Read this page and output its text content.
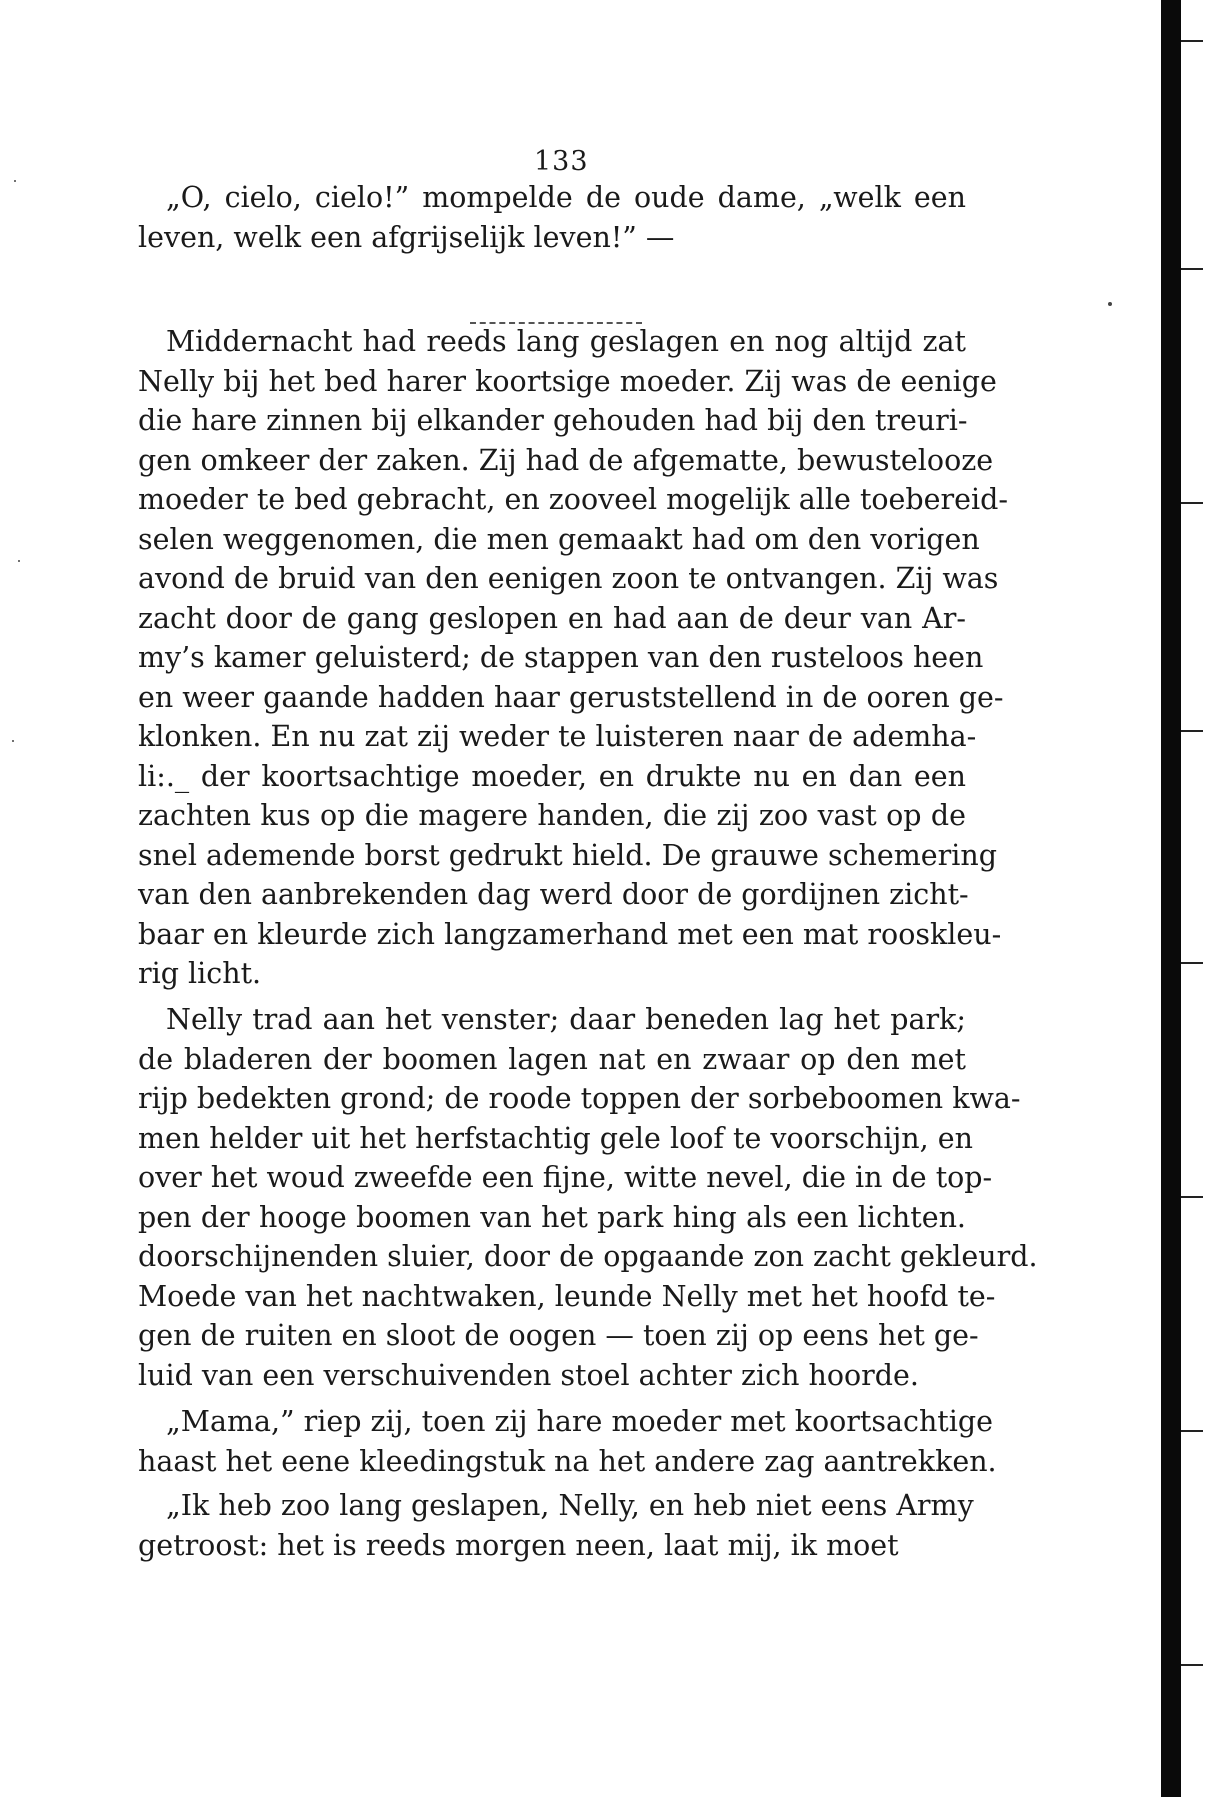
133
„O, cielo, cielo!” mompelde de oude dame, „welk een
leven, welk een afgrijselijk leven!” —
Middernacht had reeds lang geslagen en nog altijd zat
Nelly bij het bed harer koortsige moeder. Zij was de eenige
die hare zinnen bij elkander gehouden had bij den treuri-
gen omkeer der zaken. Zij had de afgematte, bewustelooze
moeder te bed gebracht, en zooveel mogelijk alle toebereid-
selen weggenomen, die men gemaakt had om den vorigen
avond de bruid van den eenigen zoon te ontvangen. Zij was
zacht door de gang geslopen en had aan de deur van Ar-
my’s kamer geluisterd; de stappen van den rusteloos heen
en weer gaande hadden haar geruststellend in de ooren ge-
klonken. En nu zat zij weder te luisteren naar de ademha-
li:._ der koortsachtige moeder, en drukte nu en dan een
zachten kus op die magere handen, die zij zoo vast op de
snel ademende borst gedrukt hield. De grauwe schemering
van den aanbrekenden dag werd door de gordijnen zicht-
baar en kleurde zich langzamerhand met een mat rooskleu-
rig licht.
Nelly trad aan het venster; daar beneden lag het park;
de bladeren der boomen lagen nat en zwaar op den met
rijp bedekten grond; de roode toppen der sorbeboomen kwa-
men helder uit het herfstachtig gele loof te voorschijn, en
over het woud zweefde een fijne, witte nevel, die in de top-
pen der hooge boomen van het park hing als een lichten.
doorschijnenden sluier, door de opgaande zon zacht gekleurd.
Moede van het nachtwaken, leunde Nelly met het hoofd te-
gen de ruiten en sloot de oogen — toen zij op eens het ge-
luid van een verschuivenden stoel achter zich hoorde.
„Mama,” riep zij, toen zij hare moeder met koortsachtige
haast het eene kleedingstuk na het andere zag aantrekken.
„Ik heb zoo lang geslapen, Nelly, en heb niet eens Army
getroost: het is reeds morgen neen, laat mij, ik moet
